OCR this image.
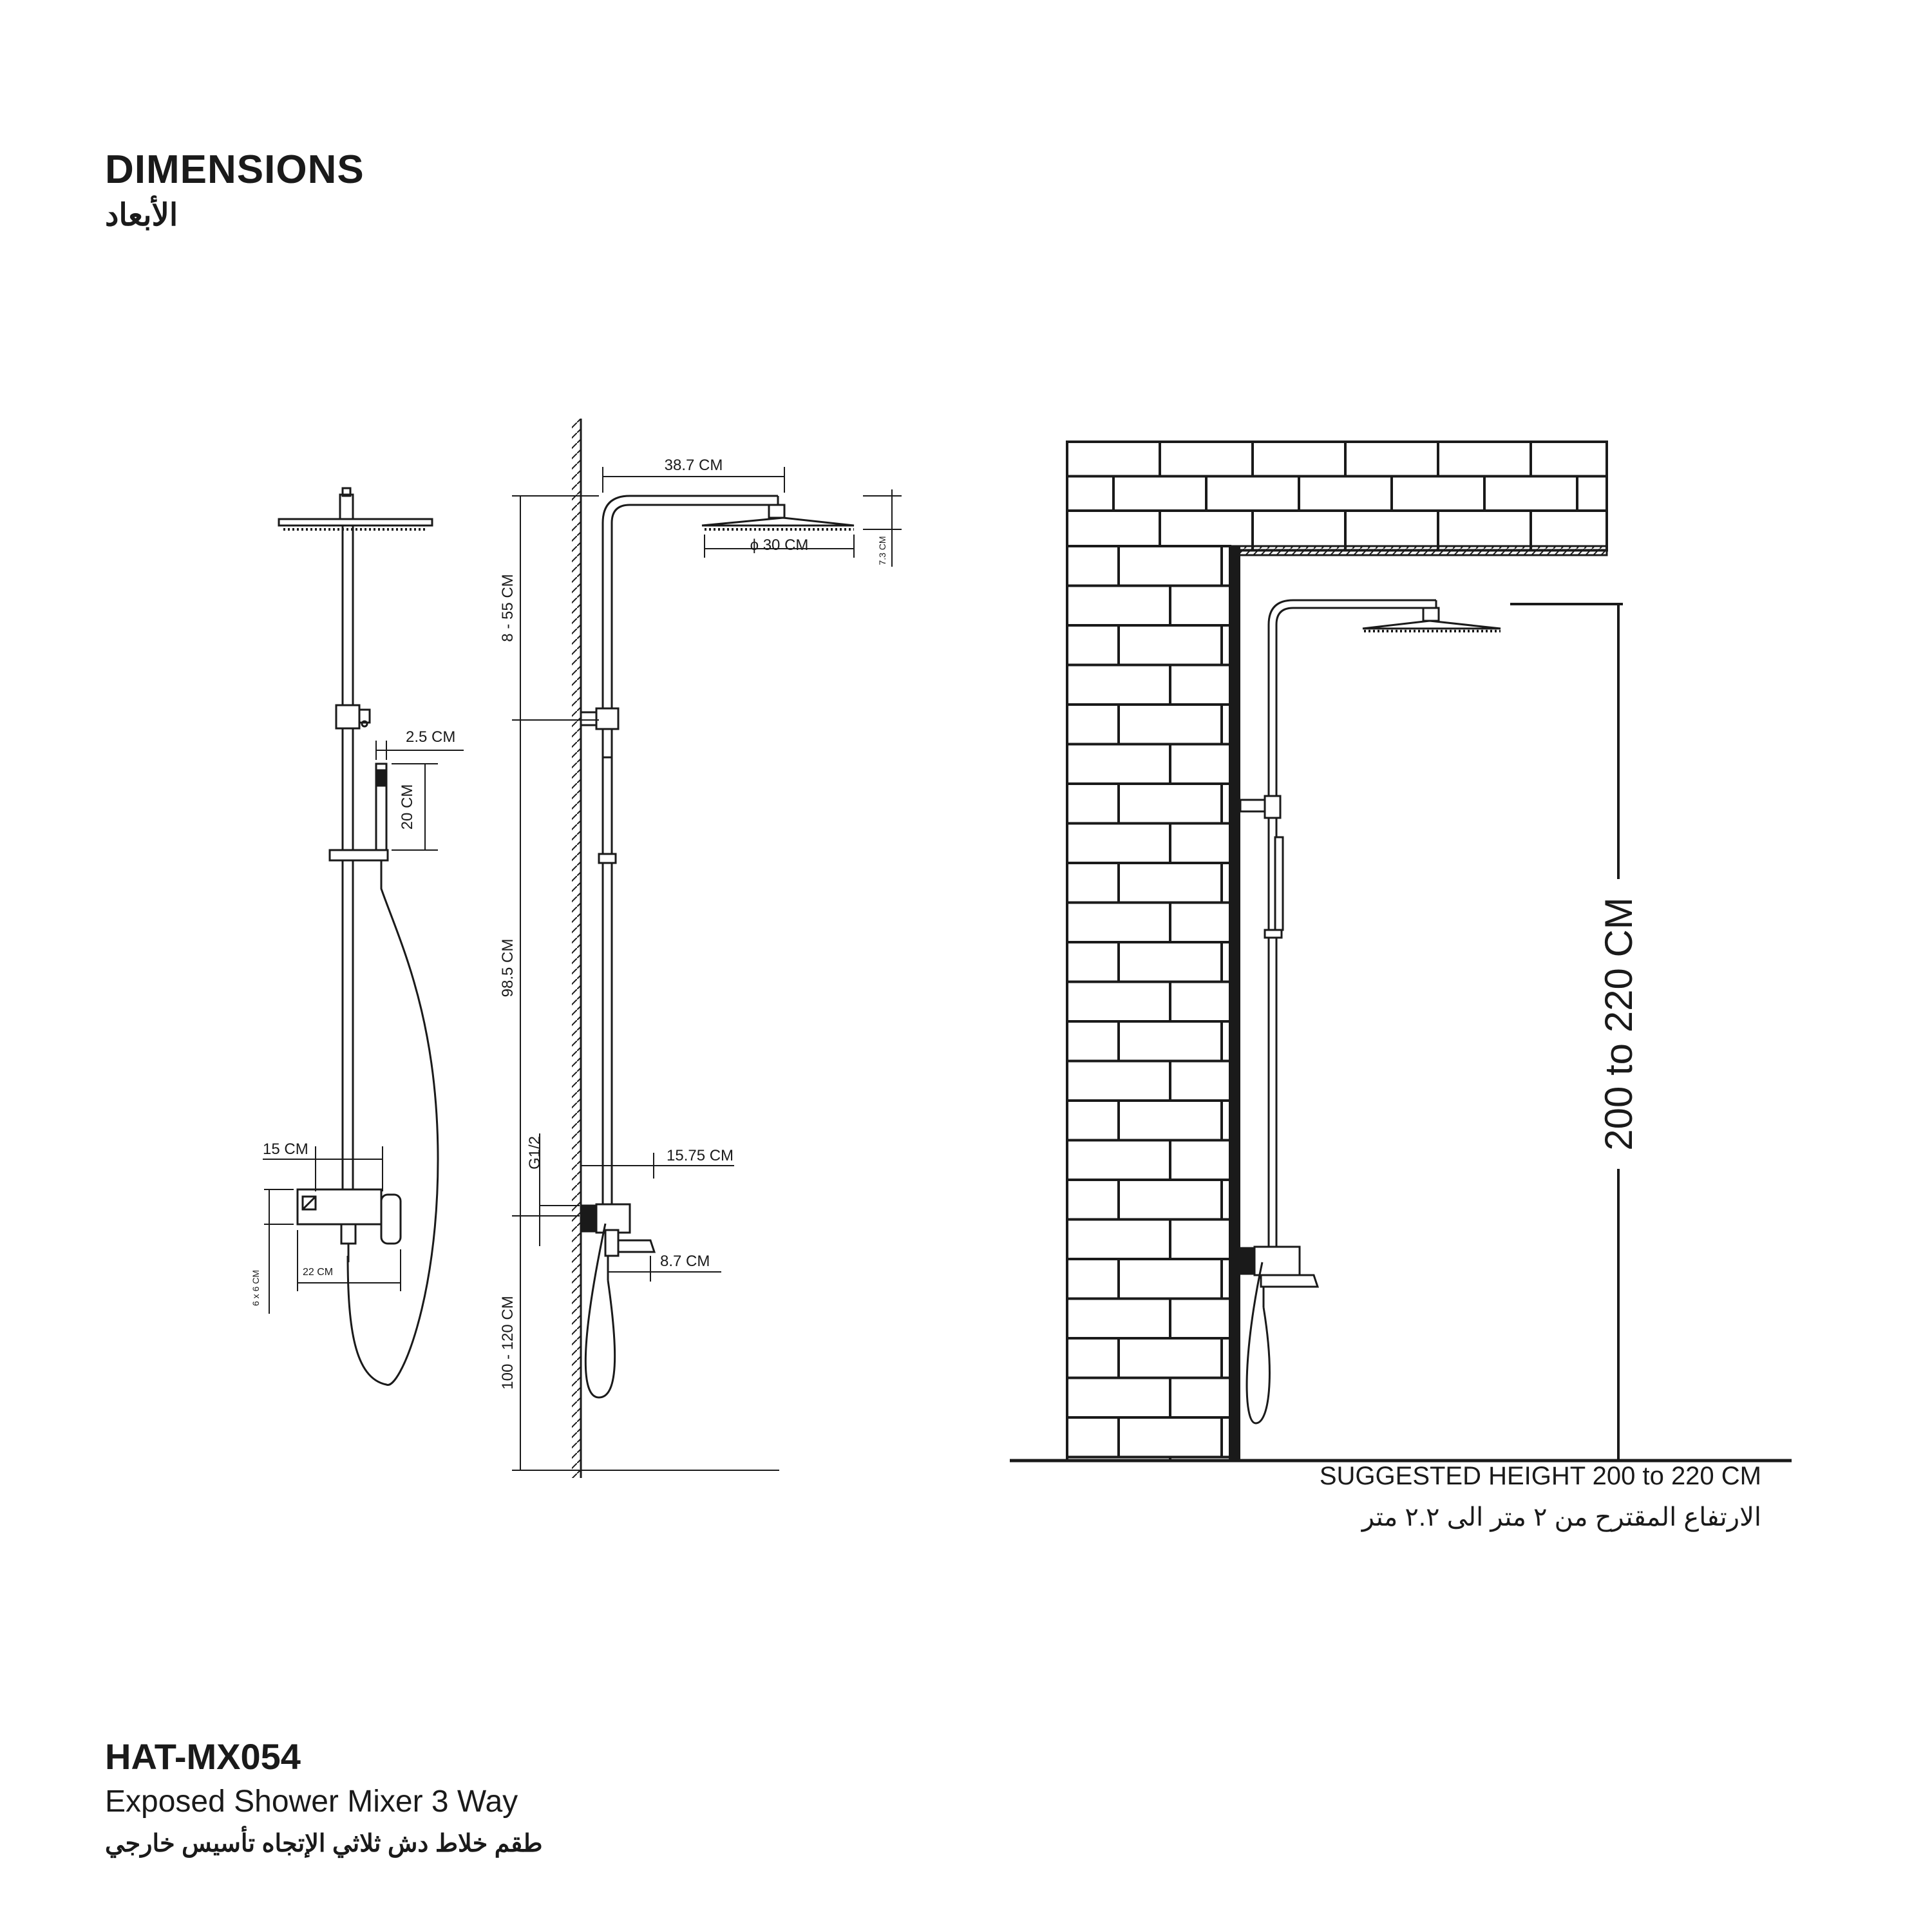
DIMENSIONS
الأبعاد
2.5 CM
20 CM
15 CM
22 CM
6 x 6 CM
38.7 CM
ϕ 30 CM	7.3 CM
8 - 55 CM
98.5 CM
G1/2	15.75 CM
8.7 CM
100 - 120 CM
200 to 220 CM
SUGGESTED HEIGHT 200 to 220 CM
الارتفاع المقترح من ٢ متر الى ٢.٢ متر
HAT-MX054
Exposed Shower Mixer 3 Way
طقم خلاط دش ثلاثي الإتجاه تأسيس خارجي
